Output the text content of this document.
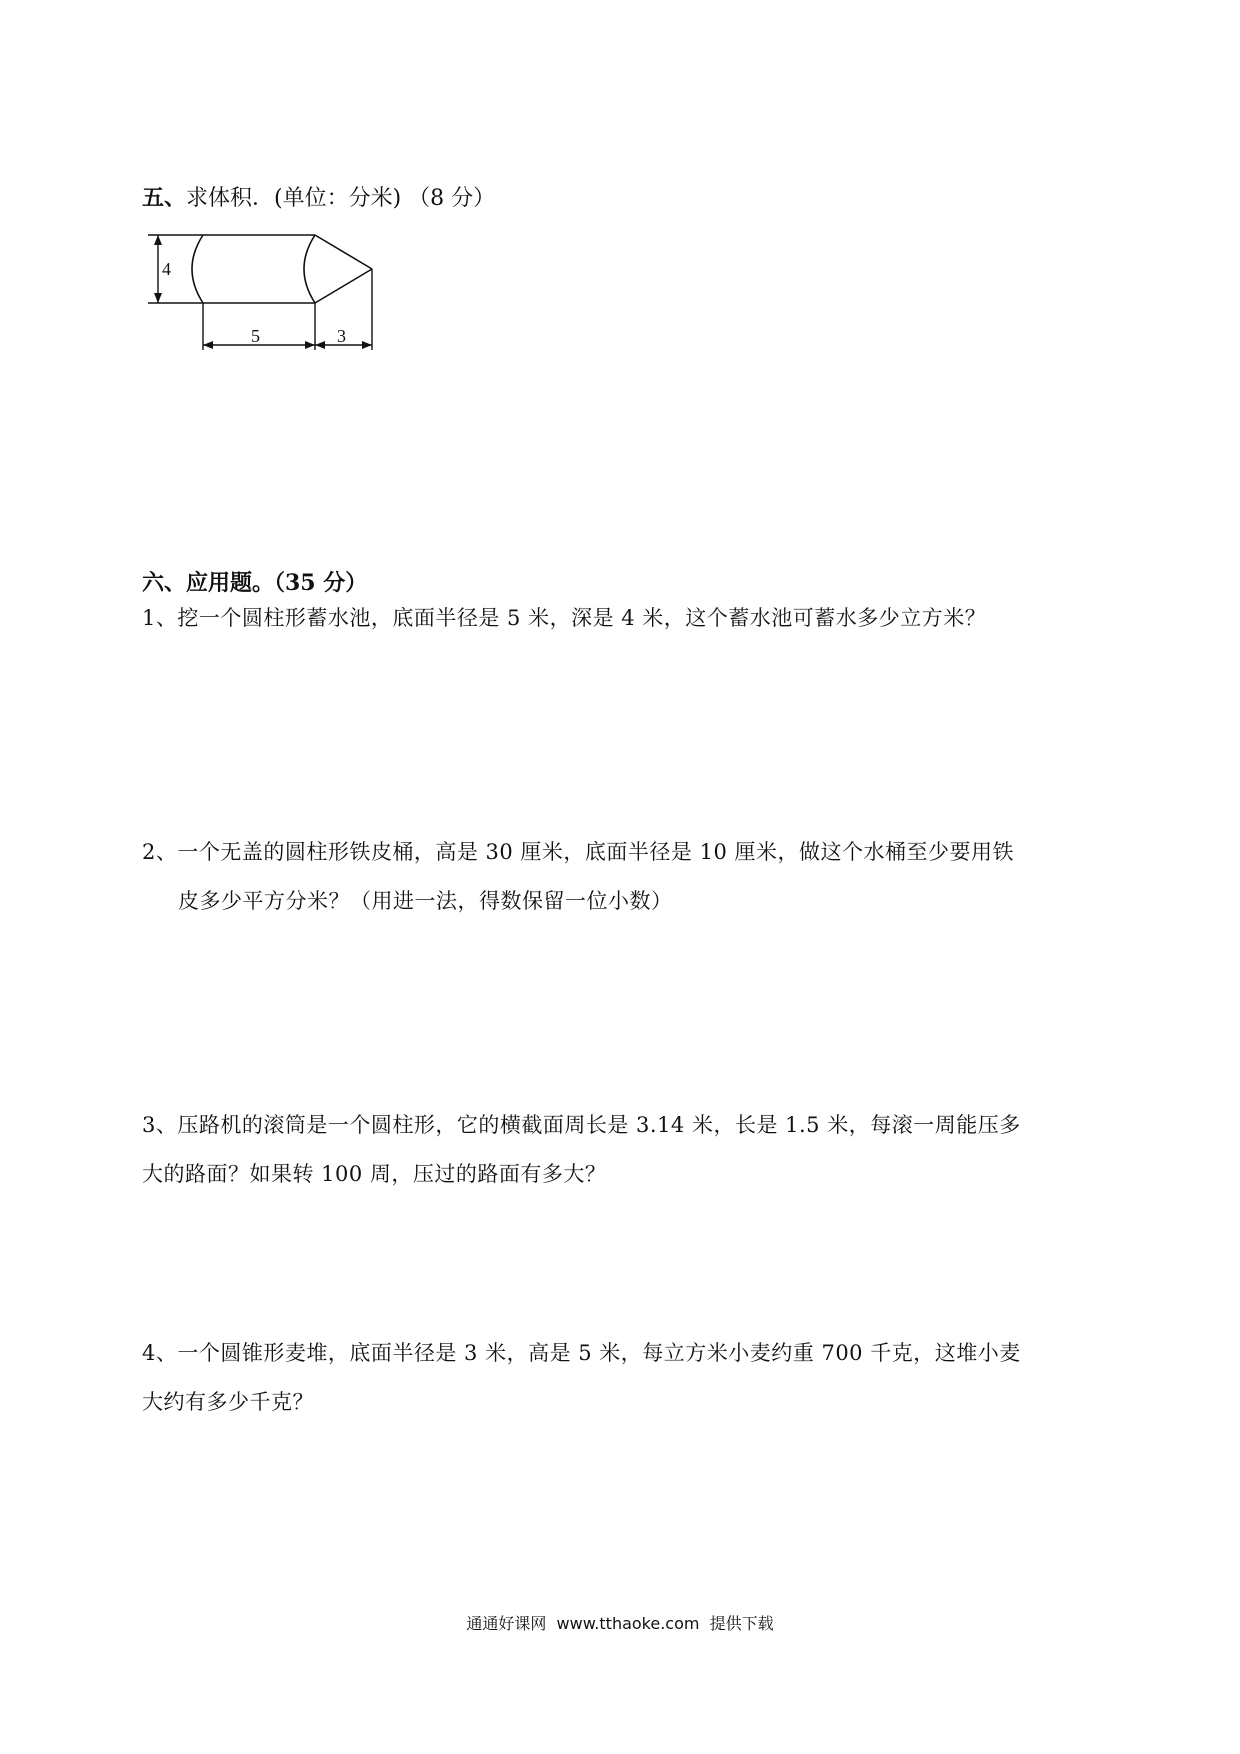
五、求体积．(单位：分米) （8 分）
4
5	3
六、应用题。（35 分）
1、挖一个圆柱形蓄水池，底面半径是 5 米，深是 4 米，这个蓄水池可蓄水多少立方米？
2、一个无盖的圆柱形铁皮桶，高是 30 厘米，底面半径是 10 厘米，做这个水桶至少要用铁
皮多少平方分米？（用进一法，得数保留一位小数）
3、压路机的滚筒是一个圆柱形，它的横截面周长是 3.14 米，长是 1.5 米，每滚一周能压多
大的路面？如果转 100 周，压过的路面有多大？
4、一个圆锥形麦堆，底面半径是 3 米，高是 5 米，每立方米小麦约重 700 千克，这堆小麦
大约有多少千克？
通通好课网 www.tthaoke.com 提供下载
